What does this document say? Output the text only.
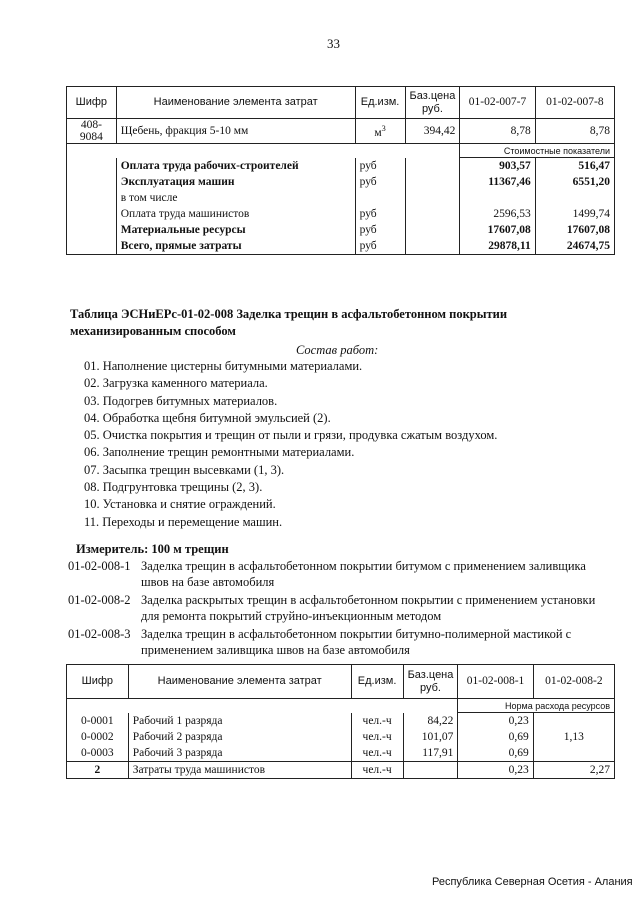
33
Шифр	Наименование элемента затрат	Ед.изм.	Баз.цена руб.	01-02-007-7	01-02-007-8
408-9084	Щебень, фракция 5-10 мм	$м^3$	394,42	8,78	8,78
				Стоимостные показатели	
	Оплата труда рабочих-строителей	руб		903,57	516,47
	Эксплуатация машин	руб		11367,46	6551,20
	в том числе				
	Оплата труда машинистов	руб		2596,53	1499,74
	Материальные ресурсы	руб		17607,08	17607,08
	Всего, прямые затраты	руб		29878,11	24674,75
Таблица ЭСНиЕРс-01-02-008 Заделка трещин в асфальтобетонном покрытии механизированным способом
Состав работ:
01. Наполнение цистерны битумными материалами.
02. Загрузка каменного материала.
03. Подогрев битумных материалов.
04. Обработка щебня битумной эмульсией (2).
05. Очистка покрытия и трещин от пыли и грязи, продувка сжатым воздухом.
06. Заполнение трещин ремонтными материалами.
07. Засыпка трещин высевками (1, 3).
08. Подгрунтовка трещины (2, 3).
10. Установка и снятие ограждений.
11. Переходы и перемещение машин.
Измеритель: 100 м трещин
01-02-008-1 Заделка трещин в асфальтобетонном покрытии битумом с применением заливщика швов на базе автомобиля
01-02-008-2 Заделка раскрытых трещин в асфальтобетонном покрытии с применением установки для ремонта покрытий струйно-инъекционным методом
01-02-008-3 Заделка трещин в асфальтобетонном покрытии битумно-полимерной мастикой с применением заливщика швов на базе автомобиля
Шифр	Наименование элемента затрат	Ед.изм.	Баз.цена руб.	01-02-008-1	01-02-008-2
				Норма расхода ресурсов	
0-0001	Рабочий 1 разряда	чел.-ч	84,22	0,23	
0-0002	Рабочий 2 разряда	чел.-ч	101,07	0,69	1,13
0-0003	Рабочий 3 разряда	чел.-ч	117,91	0,69	
2	Затраты труда машинистов	чел.-ч		0,23	2,27
Республика Северная Осетия - Алания
